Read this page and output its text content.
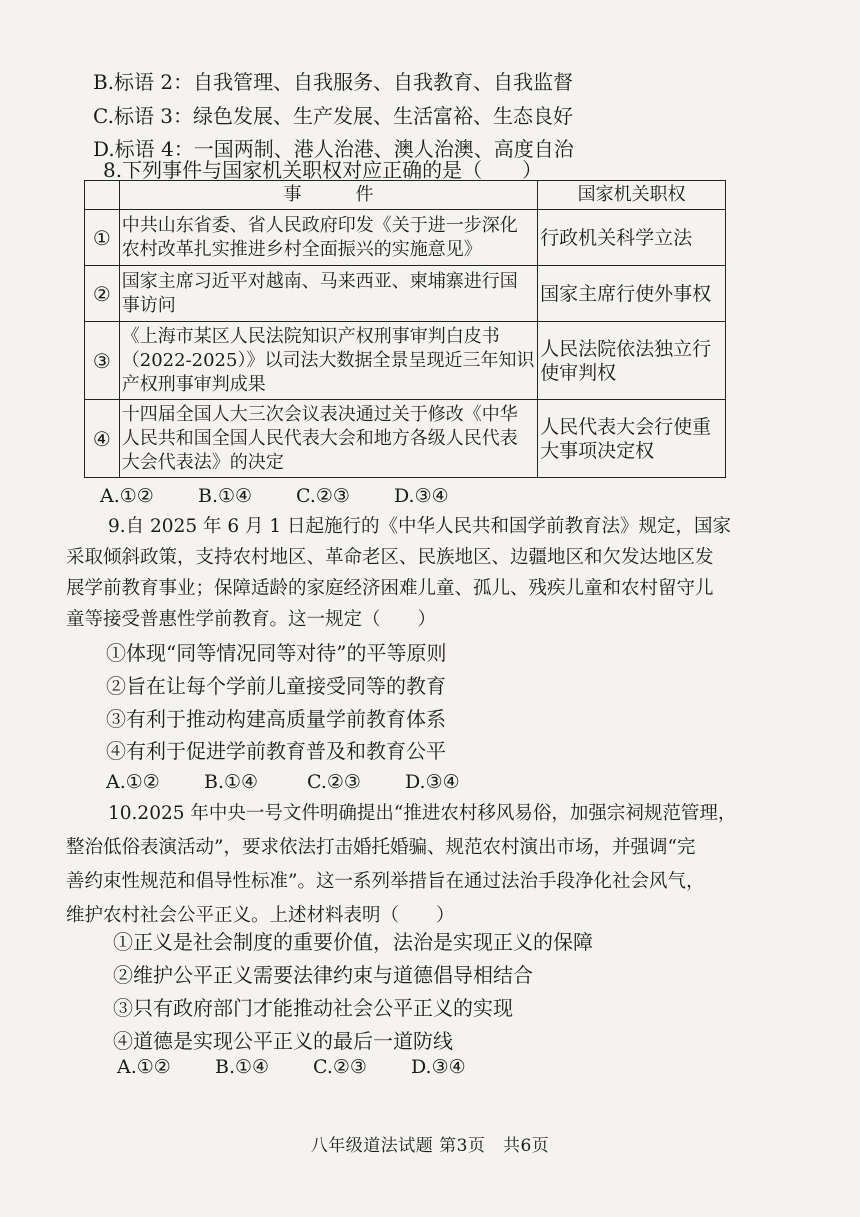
B.标语 2：自我管理、自我服务、自我教育、自我监督
C.标语 3：绿色发展、生产发展、生活富裕、生态良好
D.标语 4：一国两制、港人治港、澳人治澳、高度自治
8.下列事件与国家机关职权对应正确的是（　　）
	事　　　件	国家机关职权
①	中共山东省委、省人民政府印发《关于进一步深化农村改革扎实推进乡村全面振兴的实施意见》	行政机关科学立法
②	国家主席习近平对越南、马来西亚、柬埔寨进行国事访问	国家主席行使外事权
③	《上海市某区人民法院知识产权刑事审判白皮书（2022-2025）》以司法大数据全景呈现近三年知识产权刑事审判成果	人民法院依法独立行使审判权
④	十四届全国人大三次会议表决通过关于修改《中华人民共和国全国人民代表大会和地方各级人民代表大会代表法》的决定	人民代表大会行使重大事项决定权
A.①② B.①④ C.②③ D.③④
9.自 2025 年 6 月 1 日起施行的《中华人民共和国学前教育法》规定，国家
采取倾斜政策，支持农村地区、革命老区、民族地区、边疆地区和欠发达地区发
展学前教育事业；保障适龄的家庭经济困难儿童、孤儿、残疾儿童和农村留守儿
童等接受普惠性学前教育。这一规定（　　）
①体现“同等情况同等对待”的平等原则
②旨在让每个学前儿童接受同等的教育
③有利于推动构建高质量学前教育体系
④有利于促进学前教育普及和教育公平
A.①② B.①④	C.②③ D.③④
10.2025 年中央一号文件明确提出“推进农村移风易俗，加强宗祠规范管理，
整治低俗表演活动”，要求依法打击婚托婚骗、规范农村演出市场，并强调“完
善约束性规范和倡导性标准”。这一系列举措旨在通过法治手段净化社会风气，
维护农村社会公平正义。上述材料表明（　　）
①正义是社会制度的重要价值，法治是实现正义的保障
②维护公平正义需要法律约束与道德倡导相结合
③只有政府部门才能推动社会公平正义的实现
④道德是实现公平正义的最后一道防线
A.①② B.①④ C.②③ D.③④
八年级道法试题 第3页　共6页
